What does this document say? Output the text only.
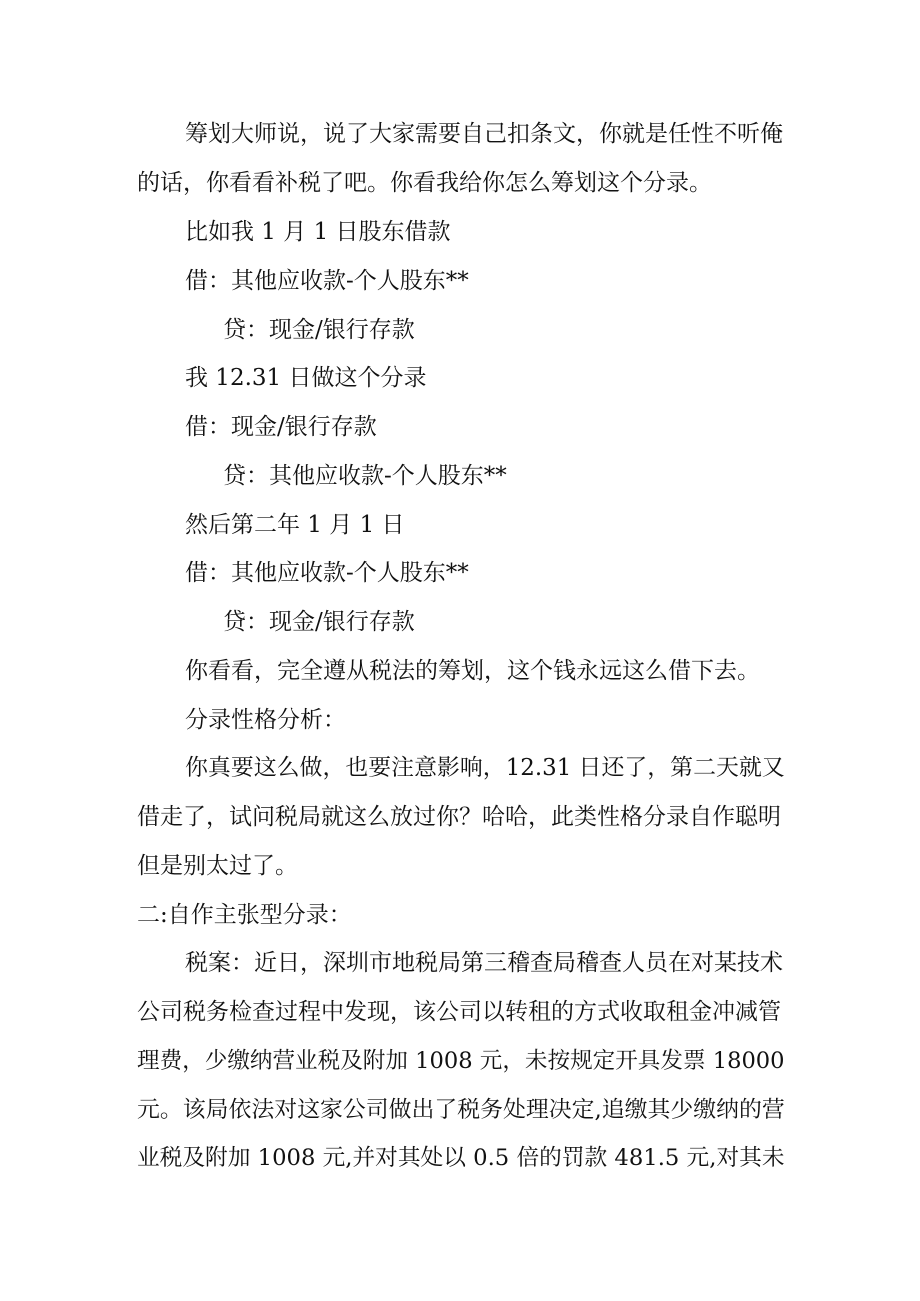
筹划大师说，说了大家需要自己扣条文，你就是任性不听俺
的话，你看看补税了吧。你看我给你怎么筹划这个分录。
比如我 1 月 1 日股东借款
借：其他应收款-个人股东**
贷：现金/银行存款
我 12.31 日做这个分录
借：现金/银行存款
贷：其他应收款-个人股东**
然后第二年 1 月 1 日
借：其他应收款-个人股东**
贷：现金/银行存款
你看看，完全遵从税法的筹划，这个钱永远这么借下去。
分录性格分析：
你真要这么做，也要注意影响，12.31 日还了，第二天就又
借走了，试问税局就这么放过你？哈哈，此类性格分录自作聪明
但是别太过了。
二:自作主张型分录：
税案：近日，深圳市地税局第三稽查局稽查人员在对某技术
公司税务检查过程中发现，该公司以转租的方式收取租金冲减管
理费，少缴纳营业税及附加 1008 元，未按规定开具发票 18000
元。该局依法对这家公司做出了税务处理决定,追缴其少缴纳的营
业税及附加 1008 元,并对其处以 0.5 倍的罚款 481.5 元,对其未
